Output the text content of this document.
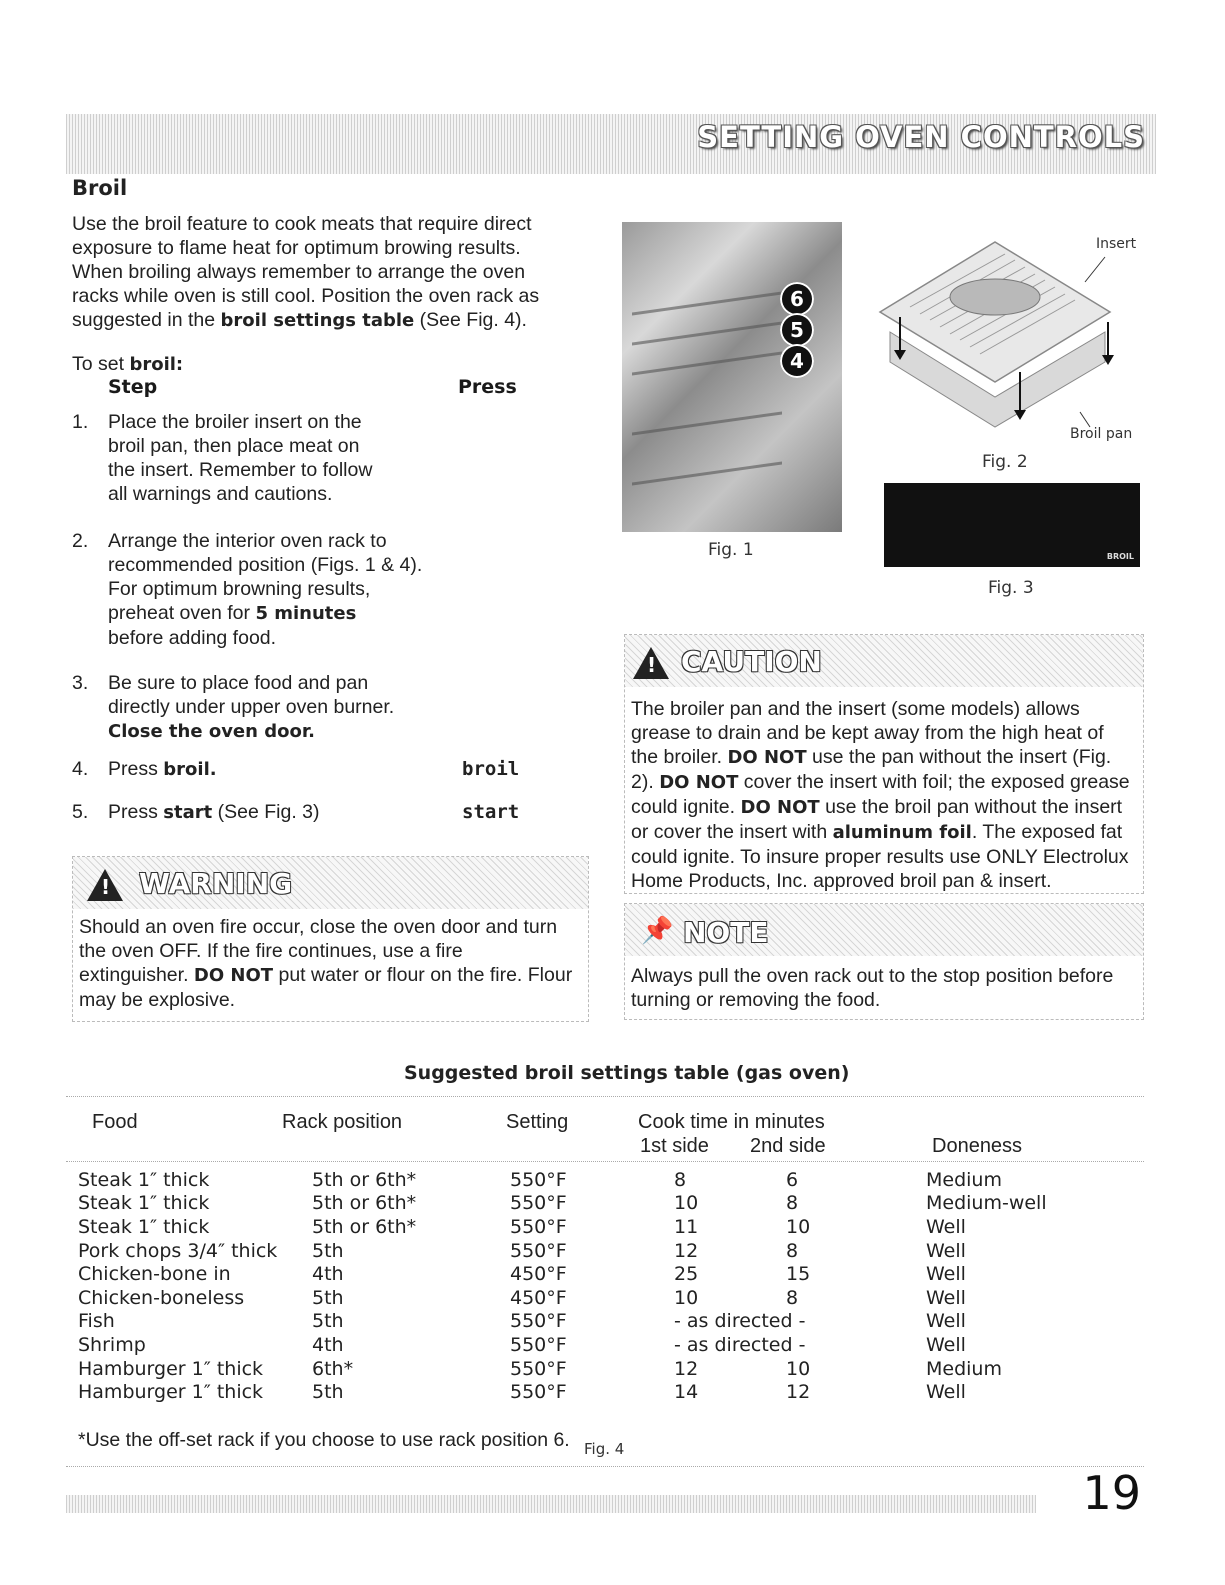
SETTING OVEN CONTROLS
Broil
Use the broil feature to cook meats that require direct
exposure to flame heat for optimum browing results.
When broiling always remember to arrange the oven
racks while oven is still cool. Position the oven rack as
suggested in the broil settings table (See Fig. 4).
To set broil:
Step	Press
1. Place the broiler insert on the
broil pan, then place meat on
the insert. Remember to follow
all warnings and cautions.
2. Arrange the interior oven rack to
recommended position (Figs. 1 & 4).
For optimum browning results,
preheat oven for 5 minutes
before adding food.
3. Be sure to place food and pan
directly under upper oven burner.
Close the oven door.
4. Press broil.	broil
5. Press start (See Fig. 3)	start
! WARNING
Should an oven fire occur, close the oven door and turn
the oven OFF. If the fire continues, use a fire
extinguisher. DO NOT put water or flour on the fire. Flour
may be explosive.
6
5
4
Fig. 1
Insert
Broil pan
Fig. 2
BROIL
Fig. 3
! CAUTION
The broiler pan and the insert (some models) allows
grease to drain and be kept away from the high heat of
the broiler. DO NOT use the pan without the insert (Fig.
2). DO NOT cover the insert with foil; the exposed grease
could ignite. DO NOT use the broil pan without the insert
or cover the insert with aluminum foil. The exposed fat
could ignite. To insure proper results use ONLY Electrolux
Home Products, Inc. approved broil pan & insert.
📌 NOTE
Always pull the oven rack out to the stop position before
turning or removing the food.
Suggested broil settings table (gas oven)
Food	Rack position	Setting	Cook time in minutes
1st side 2nd side	Doneness
Steak 1″ thick	5th or 6th*	550°F	8	6	Medium
Steak 1″ thick	5th or 6th*	550°F	10	8	Medium-well
Steak 1″ thick	5th or 6th*	550°F	11	10	Well
Pork chops 3/4″ thick	5th	550°F	12	8	Well
Chicken-bone in	4th	450°F	25	15	Well
Chicken-boneless	5th	450°F	10	8	Well
Fish	5th	550°F	- as directed -		Well
Shrimp	4th	550°F	- as directed -		Well
Hamburger 1″ thick	6th*	550°F	12	10	Medium
Hamburger 1″ thick	5th	550°F	14	12	Well
*Use the off-set rack if you choose to use rack position 6. Fig. 4
19
